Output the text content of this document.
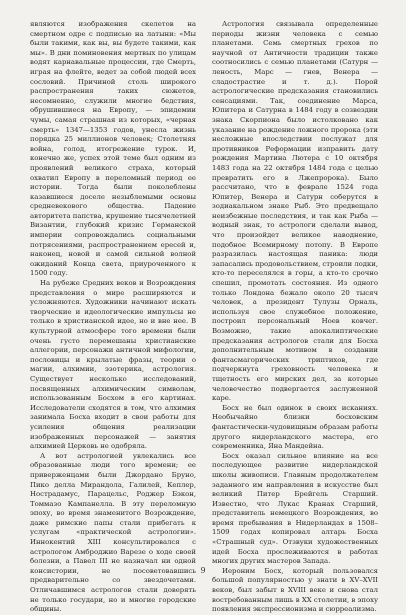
являются изображения скелетов на смертном одре с подписью на латыни: «Мы были такими, как вы, вы будете такими, как мы». В дни поминовения мертвых по улицам водят карнавальные процессии, где Смерть, играя на флейте, ведет за собой людей всех сословий. Причиной столь широкого распространения таких сюжетов, несомненно, служили многие бедствия, обрушившиеся на Европу, — эпидемии чумы, самая страшная из которых, «черная смерть» 1347—1353 годов, унесла жизнь порядка 25 миллионов человек; Столетняя война, голод, итогрежение турок. И, конечно же, успех этой теме был одним из проявлений великого страха, который охватил Европу в переломный период ее истории. Тогда были поколеблены казавшиеся доселе незыблемыми основы средневекового общества. Падение авторитета папства, крушение тысячелетней Византии, глубокий кризис Германской империи сопровождались социальными потрясениями, распространением ересей и, наконец, новой и самой сильной волной ожиданий Конца света, приуроченного к 1500 году.

На рубеже Средних веков и Возрождения представления о мире расширяются и усложняются. Художники начинают искать творческие и идеологические импульсы не только в христианской идее, но и вне нее. В культурной атмосфере того времени были очень густо перемешаны христианские аллегории, персонажи античной мифологии, пословицы и крылатые фразы, теории о магии, алхимии, эзотерика, астрология. Существует несколько исследований, посвященных алхимическим символам, использованным Босхом в его картинах. Исследователи сходятся в том, что алхимия занимала Босха входит в свои работы для усиления общения реализации изображенных персонажей — занятия алхимией Церковь не одобряла.

А вот астрологией увлекались все образованные люди того времени; ее приверженцами были Джордано Бруно, Пико делла Мирандола, Галилей, Кеплер, Нострадамус, Парацельс, Роджер Бэкон, Томмазо Кампанелла. В эту переломную эпоху, во время знаменитого Возрождение, даже римские папы стали прибегать к услугам «практической астрологии». Иннокентий XIII консультировался с астрологом Амброджио Варезе о ходе своей болезни, а Павел III не назначал ни одной консистории, не посоветовавшись предварительно со звездочетами. Отличавшимся астрологов стали доверять не только государи, но и многие городские общины.

Астрология связывала определенные периоды жизни человека с семью планетами. Семь смертных грехов по научной от Античности традиции также соотносились с семью планетами (Сатурн — леность, Марс — гнев, Венера — сладострастие и т. д.). Порой астрологические предсказания становились сенсациями. Так, соединение Марса, Юпитера и Сатурна в 1484 году в созвездии знака Скорпиона было истолковано как указание на рождение ложного пророка (эти несложные впоследствии послужат для противников Реформации изправить дату рождения Мартина Лютера с 10 октября 1483 года на 22 октября 1484 года с целью превратить его в Лжепророка). Было рассчитано, что в феврале 1524 года Юпитер, Венера и Сатурн соберутся в зодиакальном знаке Рыб. Это предвещало неизбежные последствия, и так как Рыба — водный знак, то астрологи сделали вывод, что произойдет великое наводнение, подобное Всемирному потопу. В Европе разразилась настоящая паника: люди запасались продовольствием, строили лодки, кто-то переселялся в горы, а кто-то срочно спешил, промотать состояния. Из одного только Лондона бежало около 20 тысяч человек, а президент Тулузы Орналь, используя свое служебное положение, построил персональный Ноев ковчег. Возможно, такие апокалиптические предсказания астрологов стали для Босха дополнительным мотивом в создании фантасмагорических триптихов, где подчеркнута греховность человека и тщетность его мирских дел, за которые человечество подвергается заслуженной каре.

Босх не был одинок в своих исканиях. Необычайно близки босховским фантастически-чудовищным образам работы другого нидерландского мастера, его современника, Яна Мандейна.

Босх оказал сильное влияние на все последующее развитие нидерландской школы живописи. Главным продолжателем заданного им направления в искусстве был великий Питер Брейгель Старший. Известно, что Лукас Кранах Старший, представитель немецкого Возрождения, во время пребывания в Нидерландах в 1508–1509 годах копировал алтарь Босха «Страшный суд». Отзвуки художественных идей Босха прослеживаются в работах многих других мастеров Запада.

Иероним Босх, который пользовался большой популярностью у знати в XV–XVII веков, был забыт в XVIII веке и снова стал востребованным лишь в XX столетии, в эпоху появления экспрессионизма и сюрреализма.

9
